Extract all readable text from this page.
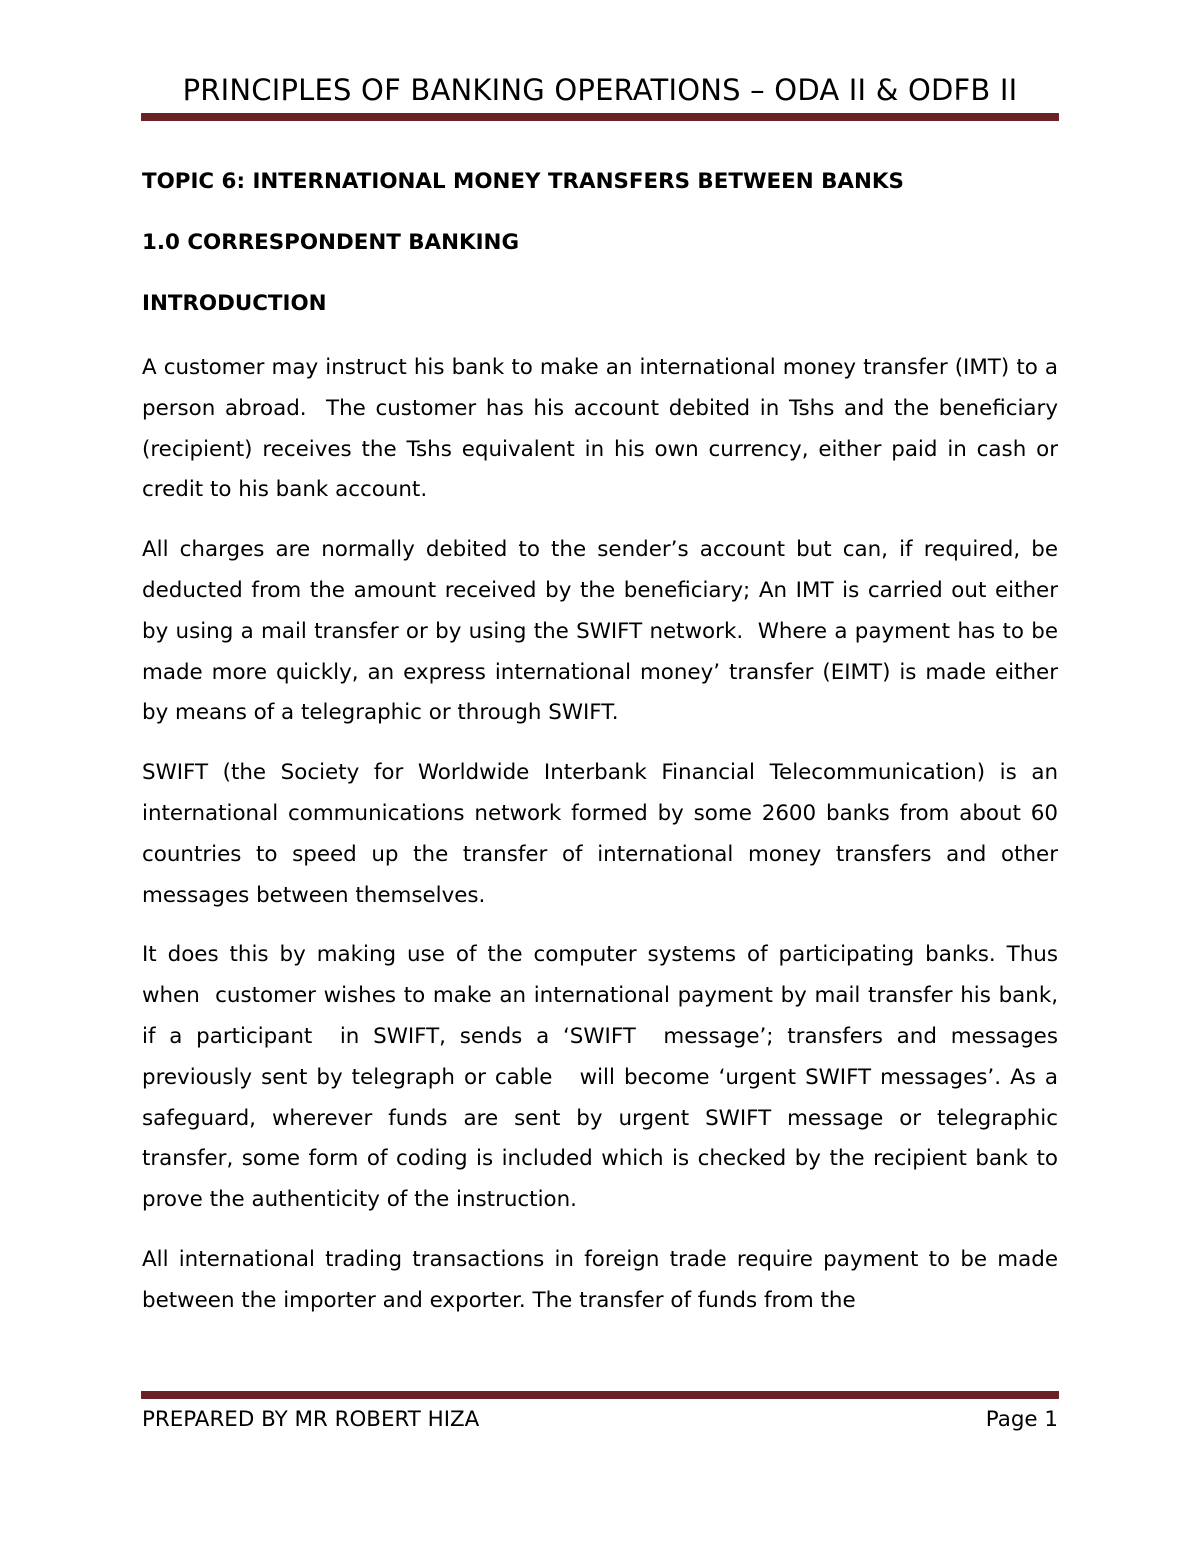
PRINCIPLES OF BANKING OPERATIONS – ODA II & ODFB II
TOPIC 6: INTERNATIONAL MONEY TRANSFERS BETWEEN BANKS
1.0 CORRESPONDENT BANKING
INTRODUCTION

A customer may instruct his bank to make an international money transfer (IMT) to a person abroad.  The customer has his account debited in Tshs and the beneficiary (recipient) receives the Tshs equivalent in his own currency, either paid in cash or credit to his bank account.

All charges are normally debited to the sender’s account but can, if required, be deducted from the amount received by the beneficiary; An IMT is carried out either by using a mail transfer or by using the SWIFT network.  Where a payment has to be made more quickly, an express international money’ transfer (EIMT) is made either by means of a telegraphic or through SWIFT.

SWIFT (the Society for Worldwide Interbank Financial Telecommunication) is an international communications network formed by some 2600 banks from about 60 countries to speed up the transfer of international money transfers and other messages between themselves.

It does this by making use of the computer systems of participating banks. Thus when  customer wishes to make an international payment by mail transfer his bank, if a participant  in SWIFT, sends a ‘SWIFT  message’; transfers and messages previously sent by telegraph or cable   will become ‘urgent SWIFT messages’. As a safeguard, wherever funds are sent by urgent SWIFT message or telegraphic transfer, some form of coding is included which is checked by the recipient bank to prove the authenticity of the instruction.

All international trading transactions in foreign trade require payment to be made between the importer and exporter. The transfer of funds from the

PREPARED BY MR ROBERT HIZA	Page 1
